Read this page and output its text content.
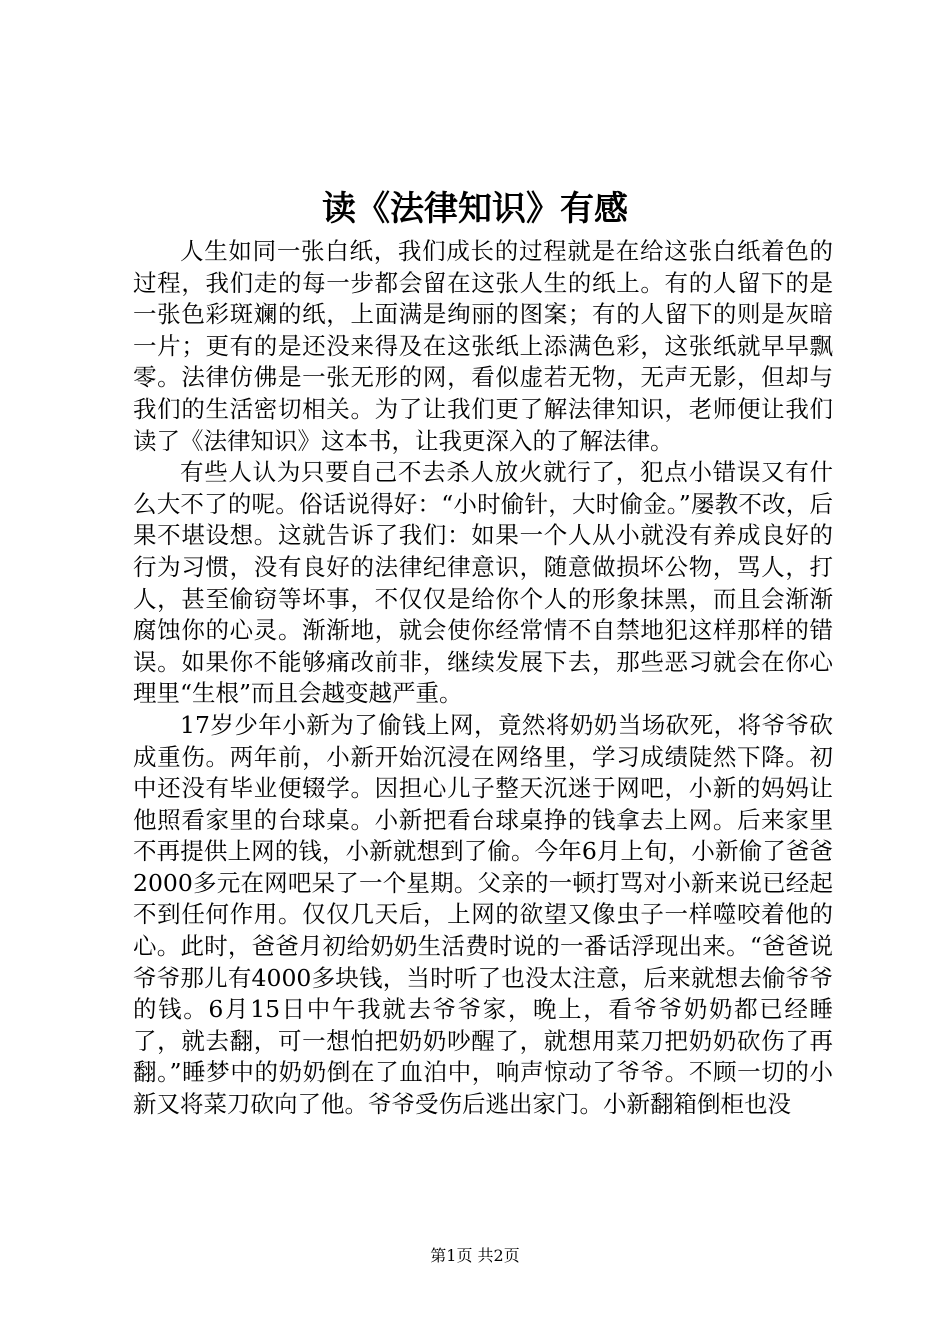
读《法律知识》有感

人生如同一张白纸，我们成长的过程就是在给这张白纸着色的过程，我们走的每一步都会留在这张人生的纸上。有的人留下的是一张色彩斑斓的纸，上面满是绚丽的图案；有的人留下的则是灰暗一片；更有的是还没来得及在这张纸上添满色彩，这张纸就早早飘零。法律仿佛是一张无形的网，看似虚若无物，无声无影，但却与我们的生活密切相关。为了让我们更了解法律知识，老师便让我们读了《法律知识》这本书，让我更深入的了解法律。

有些人认为只要自己不去杀人放火就行了，犯点小错误又有什么大不了的呢。俗话说得好：“小时偷针，大时偷金。”屡教不改，后果不堪设想。这就告诉了我们：如果一个人从小就没有养成良好的行为习惯，没有良好的法律纪律意识，随意做损坏公物，骂人，打人，甚至偷窃等坏事，不仅仅是给你个人的形象抹黑，而且会渐渐腐蚀你的心灵。渐渐地，就会使你经常情不自禁地犯这样那样的错误。如果你不能够痛改前非，继续发展下去，那些恶习就会在你心理里“生根”而且会越变越严重。

17岁少年小新为了偷钱上网，竟然将奶奶当场砍死，将爷爷砍成重伤。两年前，小新开始沉浸在网络里，学习成绩陡然下降。初中还没有毕业便辍学。因担心儿子整天沉迷于网吧，小新的妈妈让他照看家里的台球桌。小新把看台球桌挣的钱拿去上网。后来家里不再提供上网的钱，小新就想到了偷。今年6月上旬，小新偷了爸爸2000多元在网吧呆了一个星期。父亲的一顿打骂对小新来说已经起不到任何作用。仅仅几天后，上网的欲望又像虫子一样噬咬着他的心。此时，爸爸月初给奶奶生活费时说的一番话浮现出来。“爸爸说爷爷那儿有4000多块钱，当时听了也没太注意，后来就想去偷爷爷的钱。6月15日中午我就去爷爷家，晚上，看爷爷奶奶都已经睡了，就去翻，可一想怕把奶奶吵醒了，就想用菜刀把奶奶砍伤了再翻。”睡梦中的奶奶倒在了血泊中，响声惊动了爷爷。不顾一切的小新又将菜刀砍向了他。爷爷受伤后逃出家门。小新翻箱倒柜也没

第1页 共2页
